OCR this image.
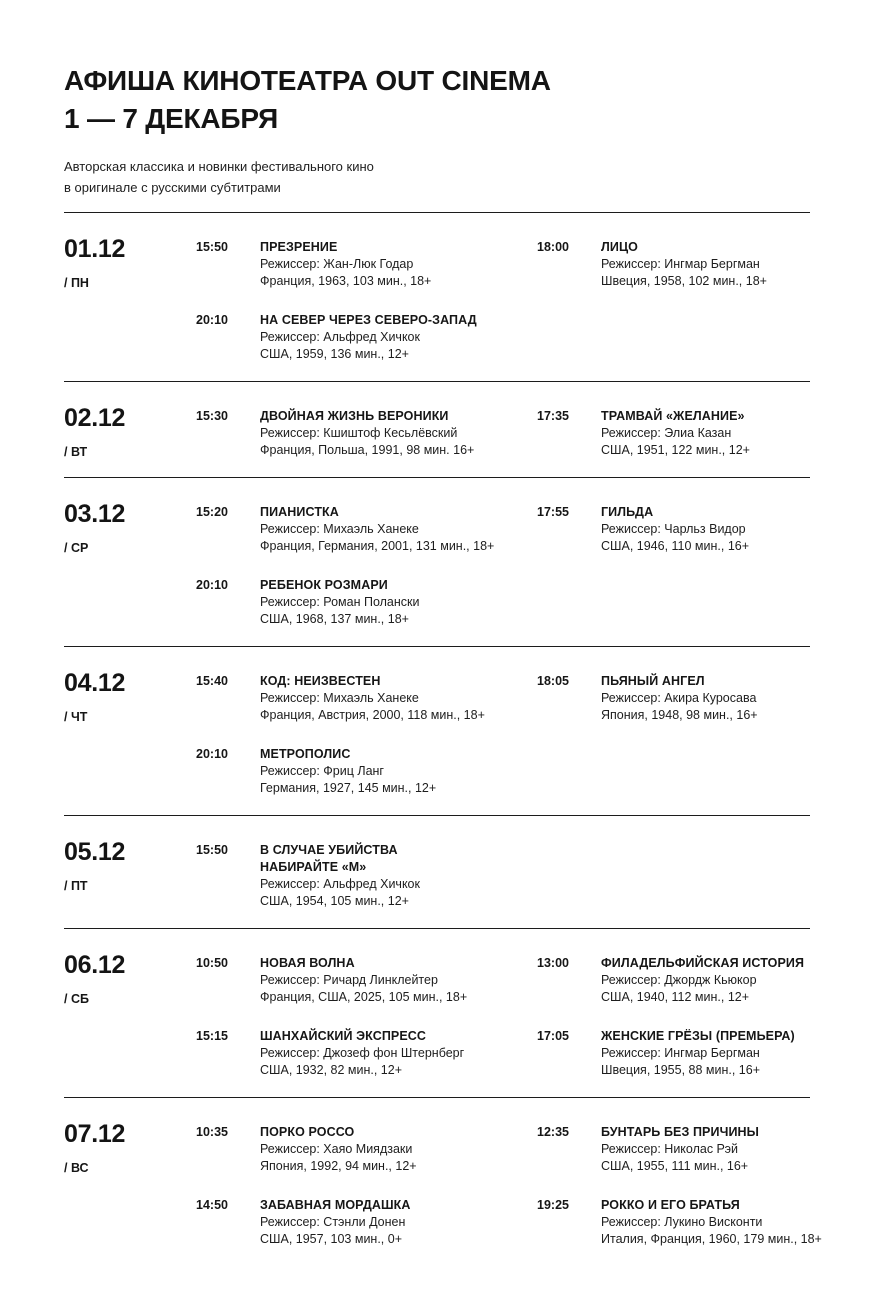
АФИША КИНОТЕАТРА OUT CINEMA
1 — 7 ДЕКАБРЯ
Авторская классика и новинки фестивального кино
в оригинале с русскими субтитрами
01.12
/ ПН
15:50	ПРЕЗРЕНИЕ
Режиссер: Жан-Люк Годар
Франция, 1963, 103 мин., 18+
18:00	ЛИЦО
Режиссер: Ингмар Бергман
Швеция, 1958, 102 мин., 18+
20:10	НА СЕВЕР ЧЕРЕЗ СЕВЕРО-ЗАПАД
Режиссер: Альфред Хичкок
США, 1959, 136 мин., 12+
02.12
/ ВТ
15:30	ДВОЙНАЯ ЖИЗНЬ ВЕРОНИКИ
Режиссер: Кшиштоф Кесьлёвский
Франция, Польша, 1991, 98 мин. 16+
17:35	ТРАМВАЙ «ЖЕЛАНИЕ»
Режиссер: Элиа Казан
США, 1951, 122 мин., 12+
03.12
/ СР
15:20	ПИАНИСТКА
Режиссер: Михаэль Ханеке
Франция, Германия, 2001, 131 мин., 18+
17:55	ГИЛЬДА
Режиссер: Чарльз Видор
США, 1946, 110 мин., 16+
20:10	РЕБЕНОК РОЗМАРИ
Режиссер: Роман Полански
США, 1968, 137 мин., 18+
04.12
/ ЧТ
15:40	КОД: НЕИЗВЕСТЕН
Режиссер: Михаэль Ханеке
Франция, Австрия, 2000, 118 мин., 18+
18:05	ПЬЯНЫЙ АНГЕЛ
Режиссер: Акира Куросава
Япония, 1948, 98 мин., 16+
20:10	МЕТРОПОЛИС
Режиссер: Фриц Ланг
Германия, 1927, 145 мин., 12+
05.12
/ ПТ
15:50	В СЛУЧАЕ УБИЙСТВА
НАБИРАЙТЕ «М»
Режиссер: Альфред Хичкок
США, 1954, 105 мин., 12+
06.12
/ СБ
10:50	НОВАЯ ВОЛНА
Режиссер: Ричард Линклейтер
Франция, США, 2025, 105 мин., 18+
13:00	ФИЛАДЕЛЬФИЙСКАЯ ИСТОРИЯ
Режиссер: Джордж Кьюкор
США, 1940, 112 мин., 12+
15:15	ШАНХАЙСКИЙ ЭКСПРЕСС
Режиссер: Джозеф фон Штернберг
США, 1932, 82 мин., 12+
17:05	ЖЕНСКИЕ ГРЁЗЫ (ПРЕМЬЕРА)
Режиссер: Ингмар Бергман
Швеция, 1955, 88 мин., 16+
07.12
/ ВС
10:35	ПОРКО РОССО
Режиссер: Хаяо Миядзаки
Япония, 1992, 94 мин., 12+
12:35	БУНТАРЬ БЕЗ ПРИЧИНЫ
Режиссер: Николас Рэй
США, 1955, 111 мин., 16+
14:50	ЗАБАВНАЯ МОРДАШКА
Режиссер: Стэнли Донен
США, 1957, 103 мин., 0+
19:25	РОККО И ЕГО БРАТЬЯ
Режиссер: Лукино Висконти
Италия, Франция, 1960, 179 мин., 18+
